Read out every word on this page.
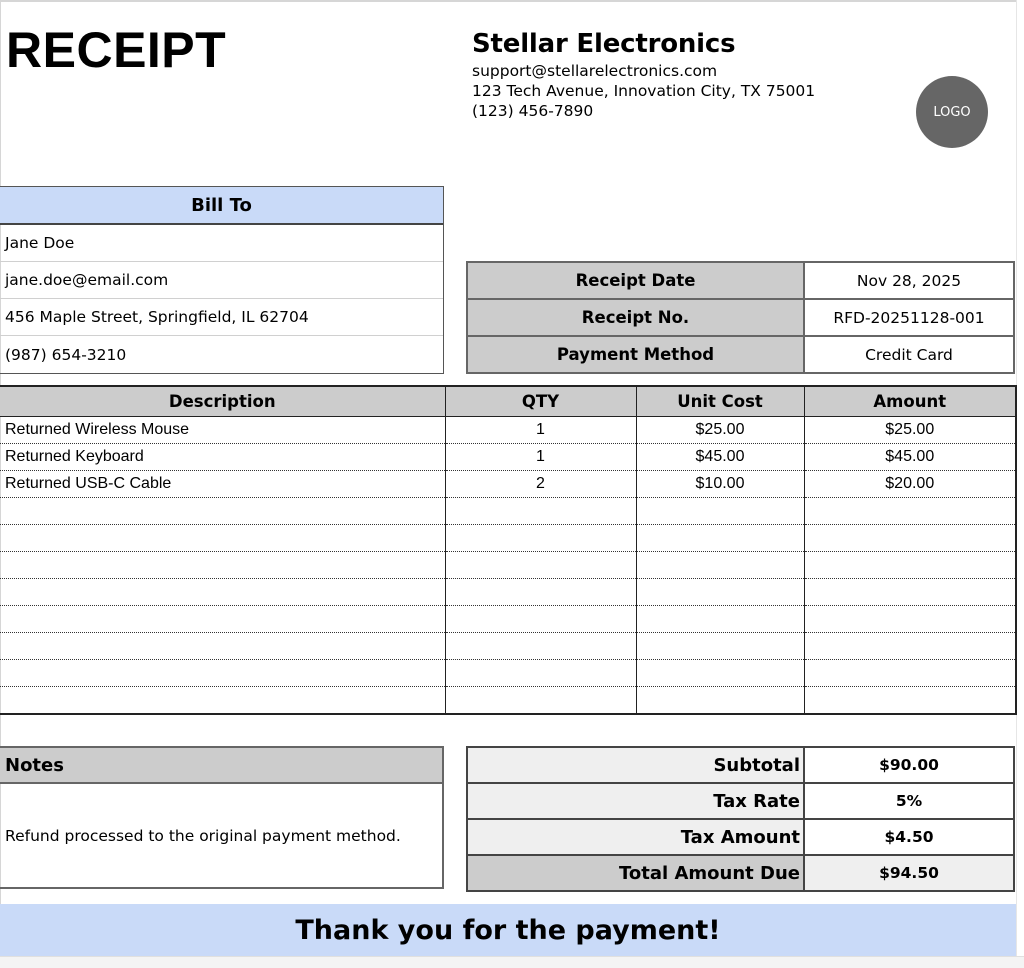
RECEIPT	Stellar Electronics
support@stellarelectronics.com
123 Tech Avenue, Innovation City, TX 75001
(123) 456-7890	LOGO
Bill To
Jane Doe
jane.doe@email.com
456 Maple Street, Springfield, IL 62704
(987) 654-3210
Receipt Date	Nov 28, 2025
Receipt No.	RFD-20251128-001
Payment Method	Credit Card
Description	QTY	Unit Cost	Amount
Returned Wireless Mouse	1	$25.00	$25.00
Returned Keyboard	1	$45.00	$45.00
Returned USB-C Cable	2	$10.00	$20.00

Notes
Refund processed to the original payment method.
Subtotal	$90.00
Tax Rate	5%
Tax Amount	$4.50
Total Amount Due	$94.50
Thank you for the payment!
